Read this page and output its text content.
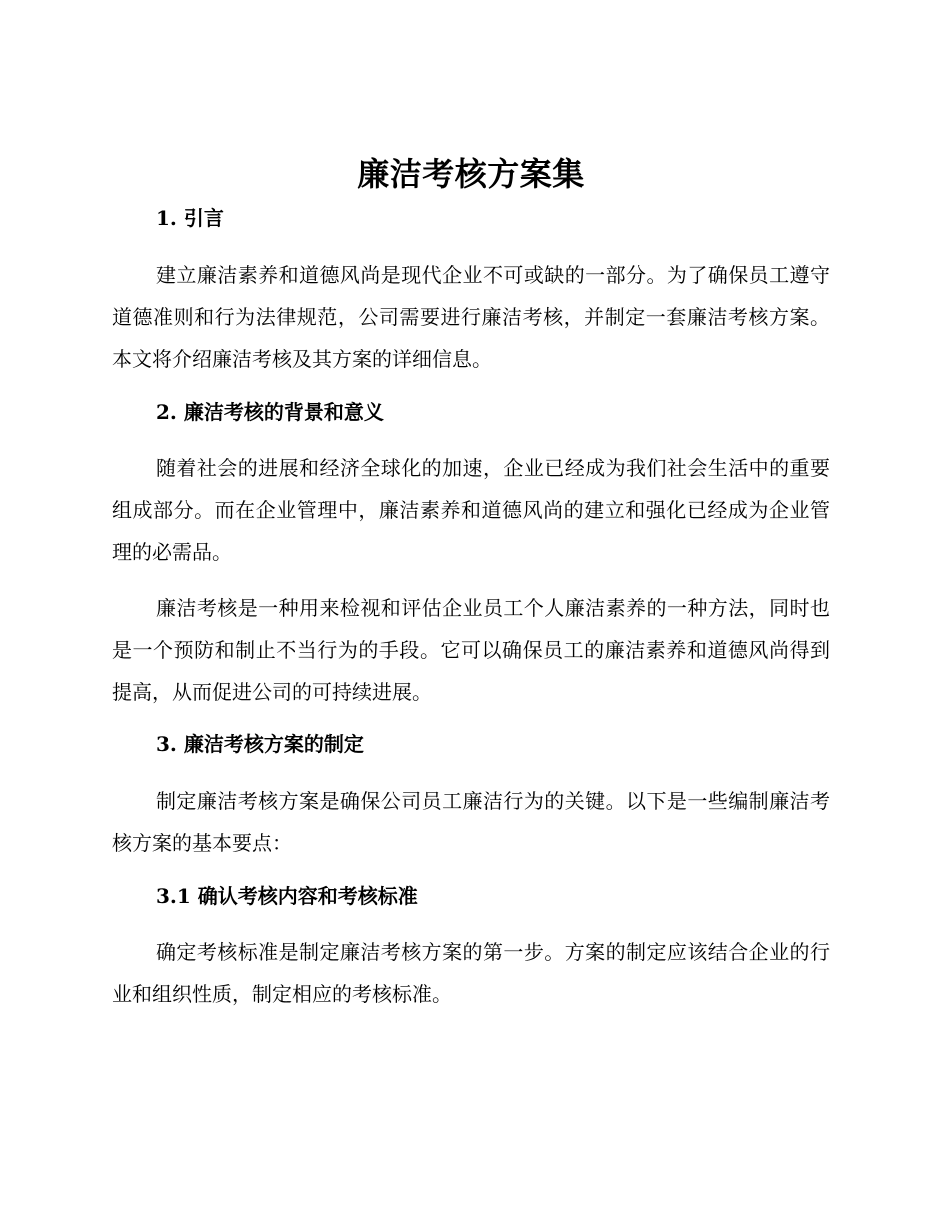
廉洁考核方案集
1. 引言

建立廉洁素养和道德风尚是现代企业不可或缺的一部分。为了确保员工遵守道德准则和行为法律规范，公司需要进行廉洁考核，并制定一套廉洁考核方案。本文将介绍廉洁考核及其方案的详细信息。

2. 廉洁考核的背景和意义

随着社会的进展和经济全球化的加速，企业已经成为我们社会生活中的重要组成部分。而在企业管理中，廉洁素养和道德风尚的建立和强化已经成为企业管理的必需品。

廉洁考核是一种用来检视和评估企业员工个人廉洁素养的一种方法，同时也是一个预防和制止不当行为的手段。它可以确保员工的廉洁素养和道德风尚得到提高，从而促进公司的可持续进展。

3. 廉洁考核方案的制定

制定廉洁考核方案是确保公司员工廉洁行为的关键。以下是一些编制廉洁考核方案的基本要点：

3.1 确认考核内容和考核标准

确定考核标准是制定廉洁考核方案的第一步。方案的制定应该结合企业的行业和组织性质，制定相应的考核标准。
